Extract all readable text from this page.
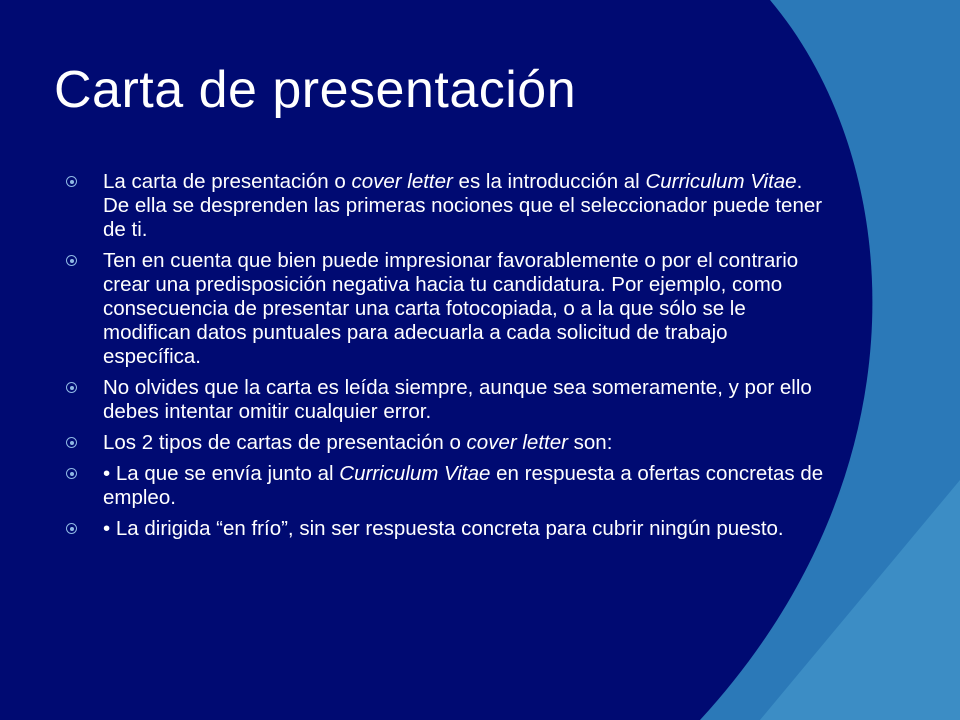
Carta de presentación
La carta de presentación o cover letter es la introducción al Curriculum Vitae. De ella se desprenden las primeras nociones que el seleccionador puede tener de ti.
Ten en cuenta que bien puede impresionar favorablemente o por el contrario crear una predisposición negativa hacia tu candidatura. Por ejemplo, como consecuencia de presentar una carta fotocopiada, o a la que sólo se le modifican datos puntuales para adecuarla a cada solicitud de trabajo específica.
No olvides que la carta es leída siempre, aunque sea someramente, y por ello debes intentar omitir cualquier error.
Los 2 tipos de cartas de presentación o cover letter son:
• La que se envía junto al Curriculum Vitae en respuesta a ofertas concretas de empleo.
• La dirigida “en frío”, sin ser respuesta concreta para cubrir ningún puesto.
